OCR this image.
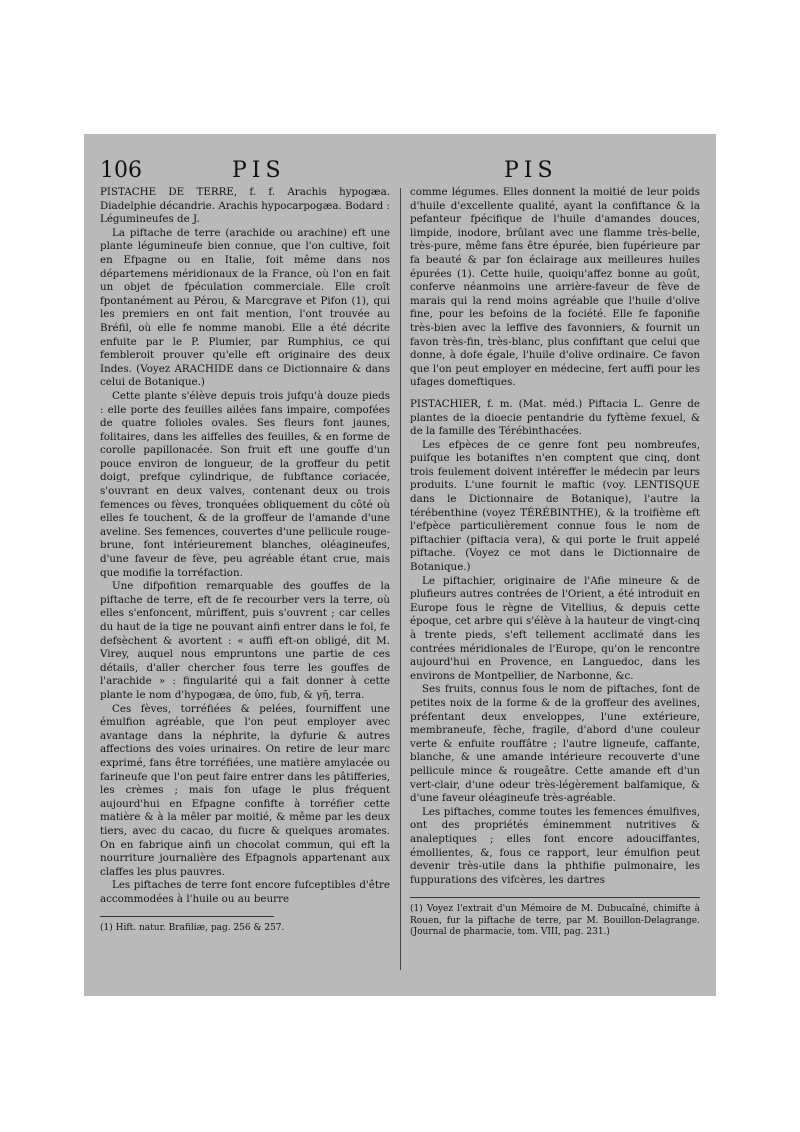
106	PIS	PIS

PISTACHE DE TERRE, f. f. Arachis hypogæa. Diadelphie décandrie. Arachis hypocarpogæa. Bodard : Légumineufes de J.

La piftache de terre (arachide ou arachine) eft une plante légumineufe bien connue, que l'on cultive, foit en Efpagne ou en Italie, foit même dans nos départemens méridionaux de la France, où l'on en fait un objet de fpéculation commerciale. Elle croît fpontanément au Pérou, & Marcgrave et Pifon (1), qui les premiers en ont fait mention, l'ont trouvée au Bréfil, où elle fe nomme manobi. Elle a été décrite enfuite par le P. Plumier, par Rumphius, ce qui fembleroit prouver qu'elle eft originaire des deux Indes. (Voyez ARACHIDE dans ce Dictionnaire & dans celui de Botanique.)

Cette plante s'élève depuis trois jufqu'à douze pieds : elle porte des feuilles ailées fans impaire, compofées de quatre folioles ovales. Ses fleurs font jaunes, folitaires, dans les aiffelles des feuilles, & en forme de corolle papillonacée. Son fruit eft une gouffe d'un pouce environ de longueur, de la groffeur du petit doigt, prefque cylindrique, de fubftance coriacée, s'ouvrant en deux valves, contenant deux ou trois femences ou fèves, tronquées obliquement du côté où elles fe touchent, & de la groffeur de l'amande d'une aveline. Ses femences, couvertes d'une pellicule rouge-brune, font intérieurement blanches, oléagineufes, d'une faveur de fève, peu agréable étant crue, mais que modifie la torréfaction.

Une difpofition remarquable des gouffes de la piftache de terre, eft de fe recourber vers la terre, où elles s'enfoncent, mûriffent, puis s'ouvrent ; car celles du haut de la tige ne pouvant ainfi entrer dans le fol, fe defsèchent & avortent : « auffi eft-on obligé, dit M. Virey, auquel nous empruntons une partie de ces détails, d'aller chercher fous terre les gouffes de l'arachide » : fingularité qui a fait donner à cette plante le nom d'hypogæa, de ὑπο, fub, & γῆ, terra.

Ces fèves, torréfiées & pelées, fourniffent une émulfion agréable, que l'on peut employer avec avantage dans la néphrite, la dyfurie & autres affections des voies urinaires. On retire de leur marc exprimé, fans être torréfiées, une matière amylacée ou farineufe que l'on peut faire entrer dans les pâtifferies, les crèmes ; mais fon ufage le plus fréquent aujourd'hui en Efpagne confifte à torréfier cette matière & à la mêler par moitié, & même par les deux tiers, avec du cacao, du fucre & quelques aromates. On en fabrique ainfi un chocolat commun, qui eft la nourriture journalière des Efpagnols appartenant aux claffes les plus pauvres.

Les piftaches de terre font encore fufceptibles d'être accommodées à l'huile ou au beurre

(1) Hift. natur. Brafiliæ, pag. 256 & 257.

comme légumes. Elles donnent la moitié de leur poids d'huile d'excellente qualité, ayant la confiftance & la pefanteur fpécifique de l'huile d'amandes douces, limpide, inodore, brûlant avec une flamme très-belle, très-pure, même fans être épurée, bien fupérieure par fa beauté & par fon éclairage aux meilleures huiles épurées (1). Cette huile, quoiqu'affez bonne au goût, conferve néanmoins une arrière-faveur de fève de marais qui la rend moins agréable que l'huile d'olive fine, pour les befoins de la fociété. Elle fe faponifie très-bien avec la leffive des favonniers, & fournit un favon très-fin, très-blanc, plus confiftant que celui que donne, à dofe égale, l'huile d'olive ordinaire. Ce favon que l'on peut employer en médecine, fert auffi pour les ufages domeftiques.

PISTACHIER, f. m. (Mat. méd.) Piftacia L. Genre de plantes de la dioecie pentandrie du fyftème fexuel, & de la famille des Térébinthacées.

Les efpèces de ce genre font peu nombreufes, puifque les botaniftes n'en comptent que cinq, dont trois feulement doivent intéreffer le médecin par leurs produits. L'une fournit le maftic (voy. LENTISQUE dans le Dictionnaire de Botanique), l'autre la térébenthine (voyez TÉRÉBINTHE), & la troifième eft l'efpèce particulièrement connue fous le nom de piftachier (piftacia vera), & qui porte le fruit appelé piftache. (Voyez ce mot dans le Dictionnaire de Botanique.)

Le piftachier, originaire de l'Afie mineure & de plufieurs autres contrées de l'Orient, a été introduit en Europe fous le règne de Vitellius, & depuis cette époque, cet arbre qui s'élève à la hauteur de vingt-cinq à trente pieds, s'eft tellement acclimaté dans les contrées méridionales de l'Europe, qu'on le rencontre aujourd'hui en Provence, en Languedoc, dans les environs de Montpellier, de Narbonne, &c.

Ses fruits, connus fous le nom de piftaches, font de petites noix de la forme & de la groffeur des avelines, préfentant deux enveloppes, l'une extérieure, membraneufe, fèche, fragile, d'abord d'une couleur verte & enfuite rouffâtre ; l'autre ligneufe, caffante, blanche, & une amande intérieure recouverte d'une pellicule mince & rougeâtre. Cette amande eft d'un vert-clair, d'une odeur très-légèrement balfamique, & d'une faveur oléagineufe très-agréable.

Les piftaches, comme toutes les femences émulfives, ont des propriétés éminemment nutritives & analeptiques ; elles font encore adouciffantes, émollientes, &, fous ce rapport, leur émulfion peut devenir très-utile dans la phthifie pulmonaire, les fuppurations des vifcères, les dartres

(1) Voyez l'extrait d'un Mémoire de M. Dubucaîné, chimifte à Rouen, fur la piftache de terre, par M. Bouillon-Delagrange. (Journal de pharmacie, tom. VIII, pag. 231.)
